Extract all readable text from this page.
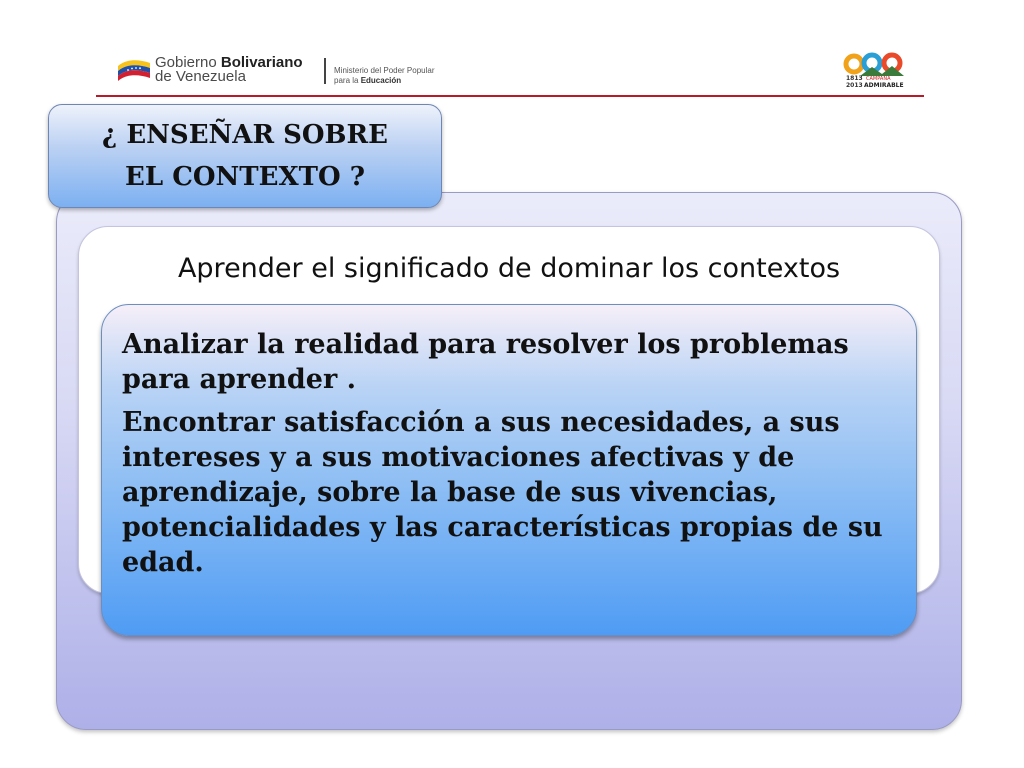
Gobierno Bolivariano
de Venezuela	Ministerio del Poder Popular
para la Educación	1813
2013
CAMPAÑA
ADMIRABLE
Aprender el significado de dominar los contextos

Analizar la realidad para resolver los problemas para aprender .

Encontrar satisfacción a sus necesidades, a sus intereses y a sus motivaciones afectivas y de aprendizaje, sobre la base de sus vivencias, potencialidades y las características propias de su edad.

¿ ENSEÑAR SOBRE
EL CONTEXTO ?
